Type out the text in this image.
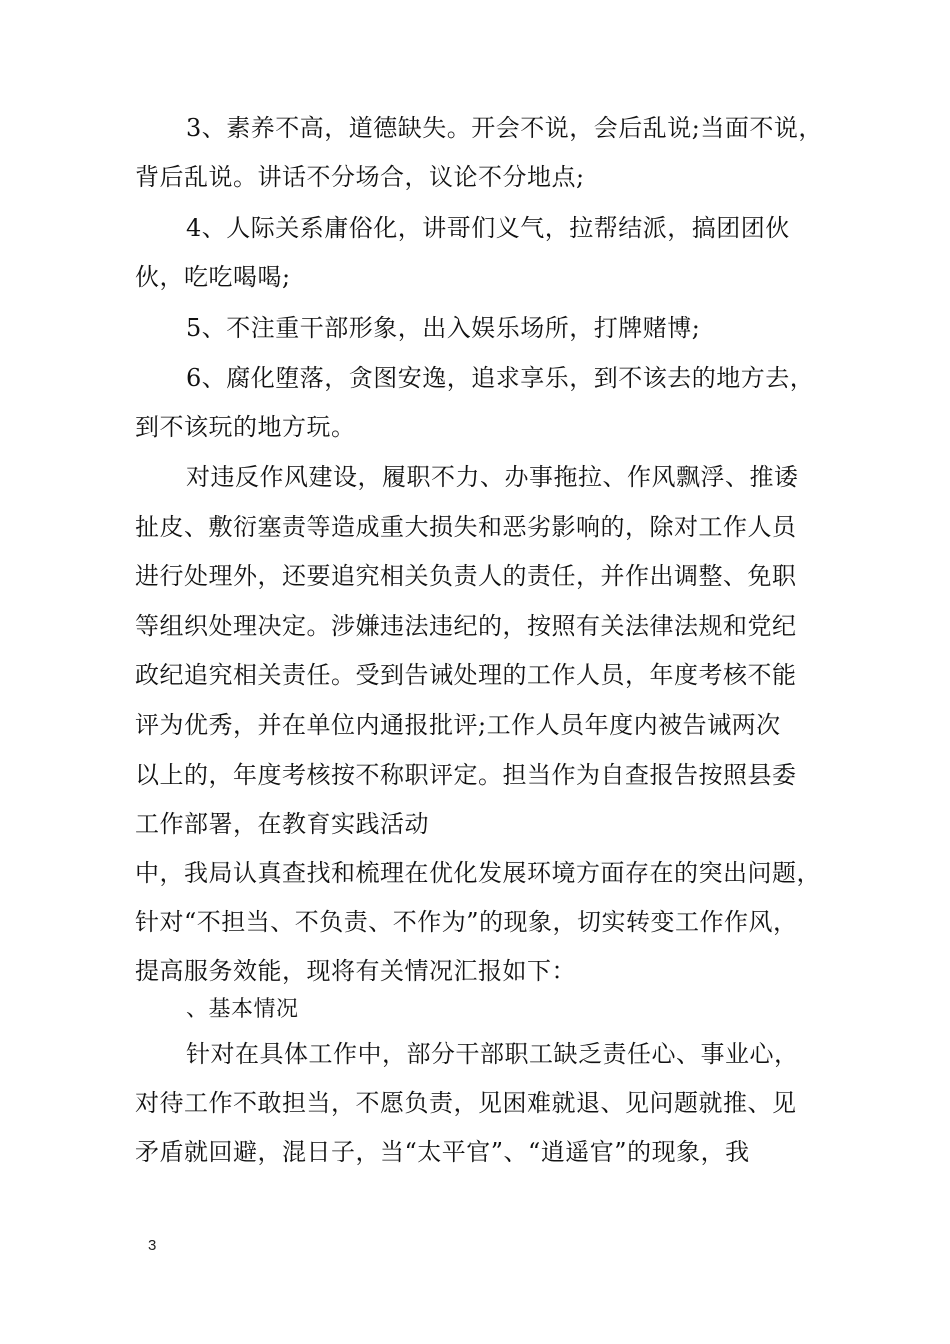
3、素养不高，道德缺失。开会不说，会后乱说;当面不说，
背后乱说。讲话不分场合，议论不分地点;
4、人际关系庸俗化，讲哥们义气，拉帮结派，搞团团伙
伙，吃吃喝喝;
5、不注重干部形象，出入娱乐场所，打牌赌博;
6、腐化堕落，贪图安逸，追求享乐，到不该去的地方去，
到不该玩的地方玩。
对违反作风建设，履职不力、办事拖拉、作风飘浮、推诿
扯皮、敷衍塞责等造成重大损失和恶劣影响的，除对工作人员
进行处理外，还要追究相关负责人的责任，并作出调整、免职
等组织处理决定。涉嫌违法违纪的，按照有关法律法规和党纪
政纪追究相关责任。受到告诫处理的工作人员，年度考核不能
评为优秀，并在单位内通报批评;工作人员年度内被告诫两次
以上的，年度考核按不称职评定。担当作为自查报告按照县委
工作部署，在教育实践活动
中，我局认真查找和梳理在优化发展环境方面存在的突出问题，
针对“不担当、不负责、不作为”的现象，切实转变工作作风，
提高服务效能，现将有关情况汇报如下：
、基本情况
针对在具体工作中，部分干部职工缺乏责任心、事业心，
对待工作不敢担当，不愿负责，见困难就退、见问题就推、见
矛盾就回避，混日子，当“太平官”、“逍遥官”的现象，我
3
